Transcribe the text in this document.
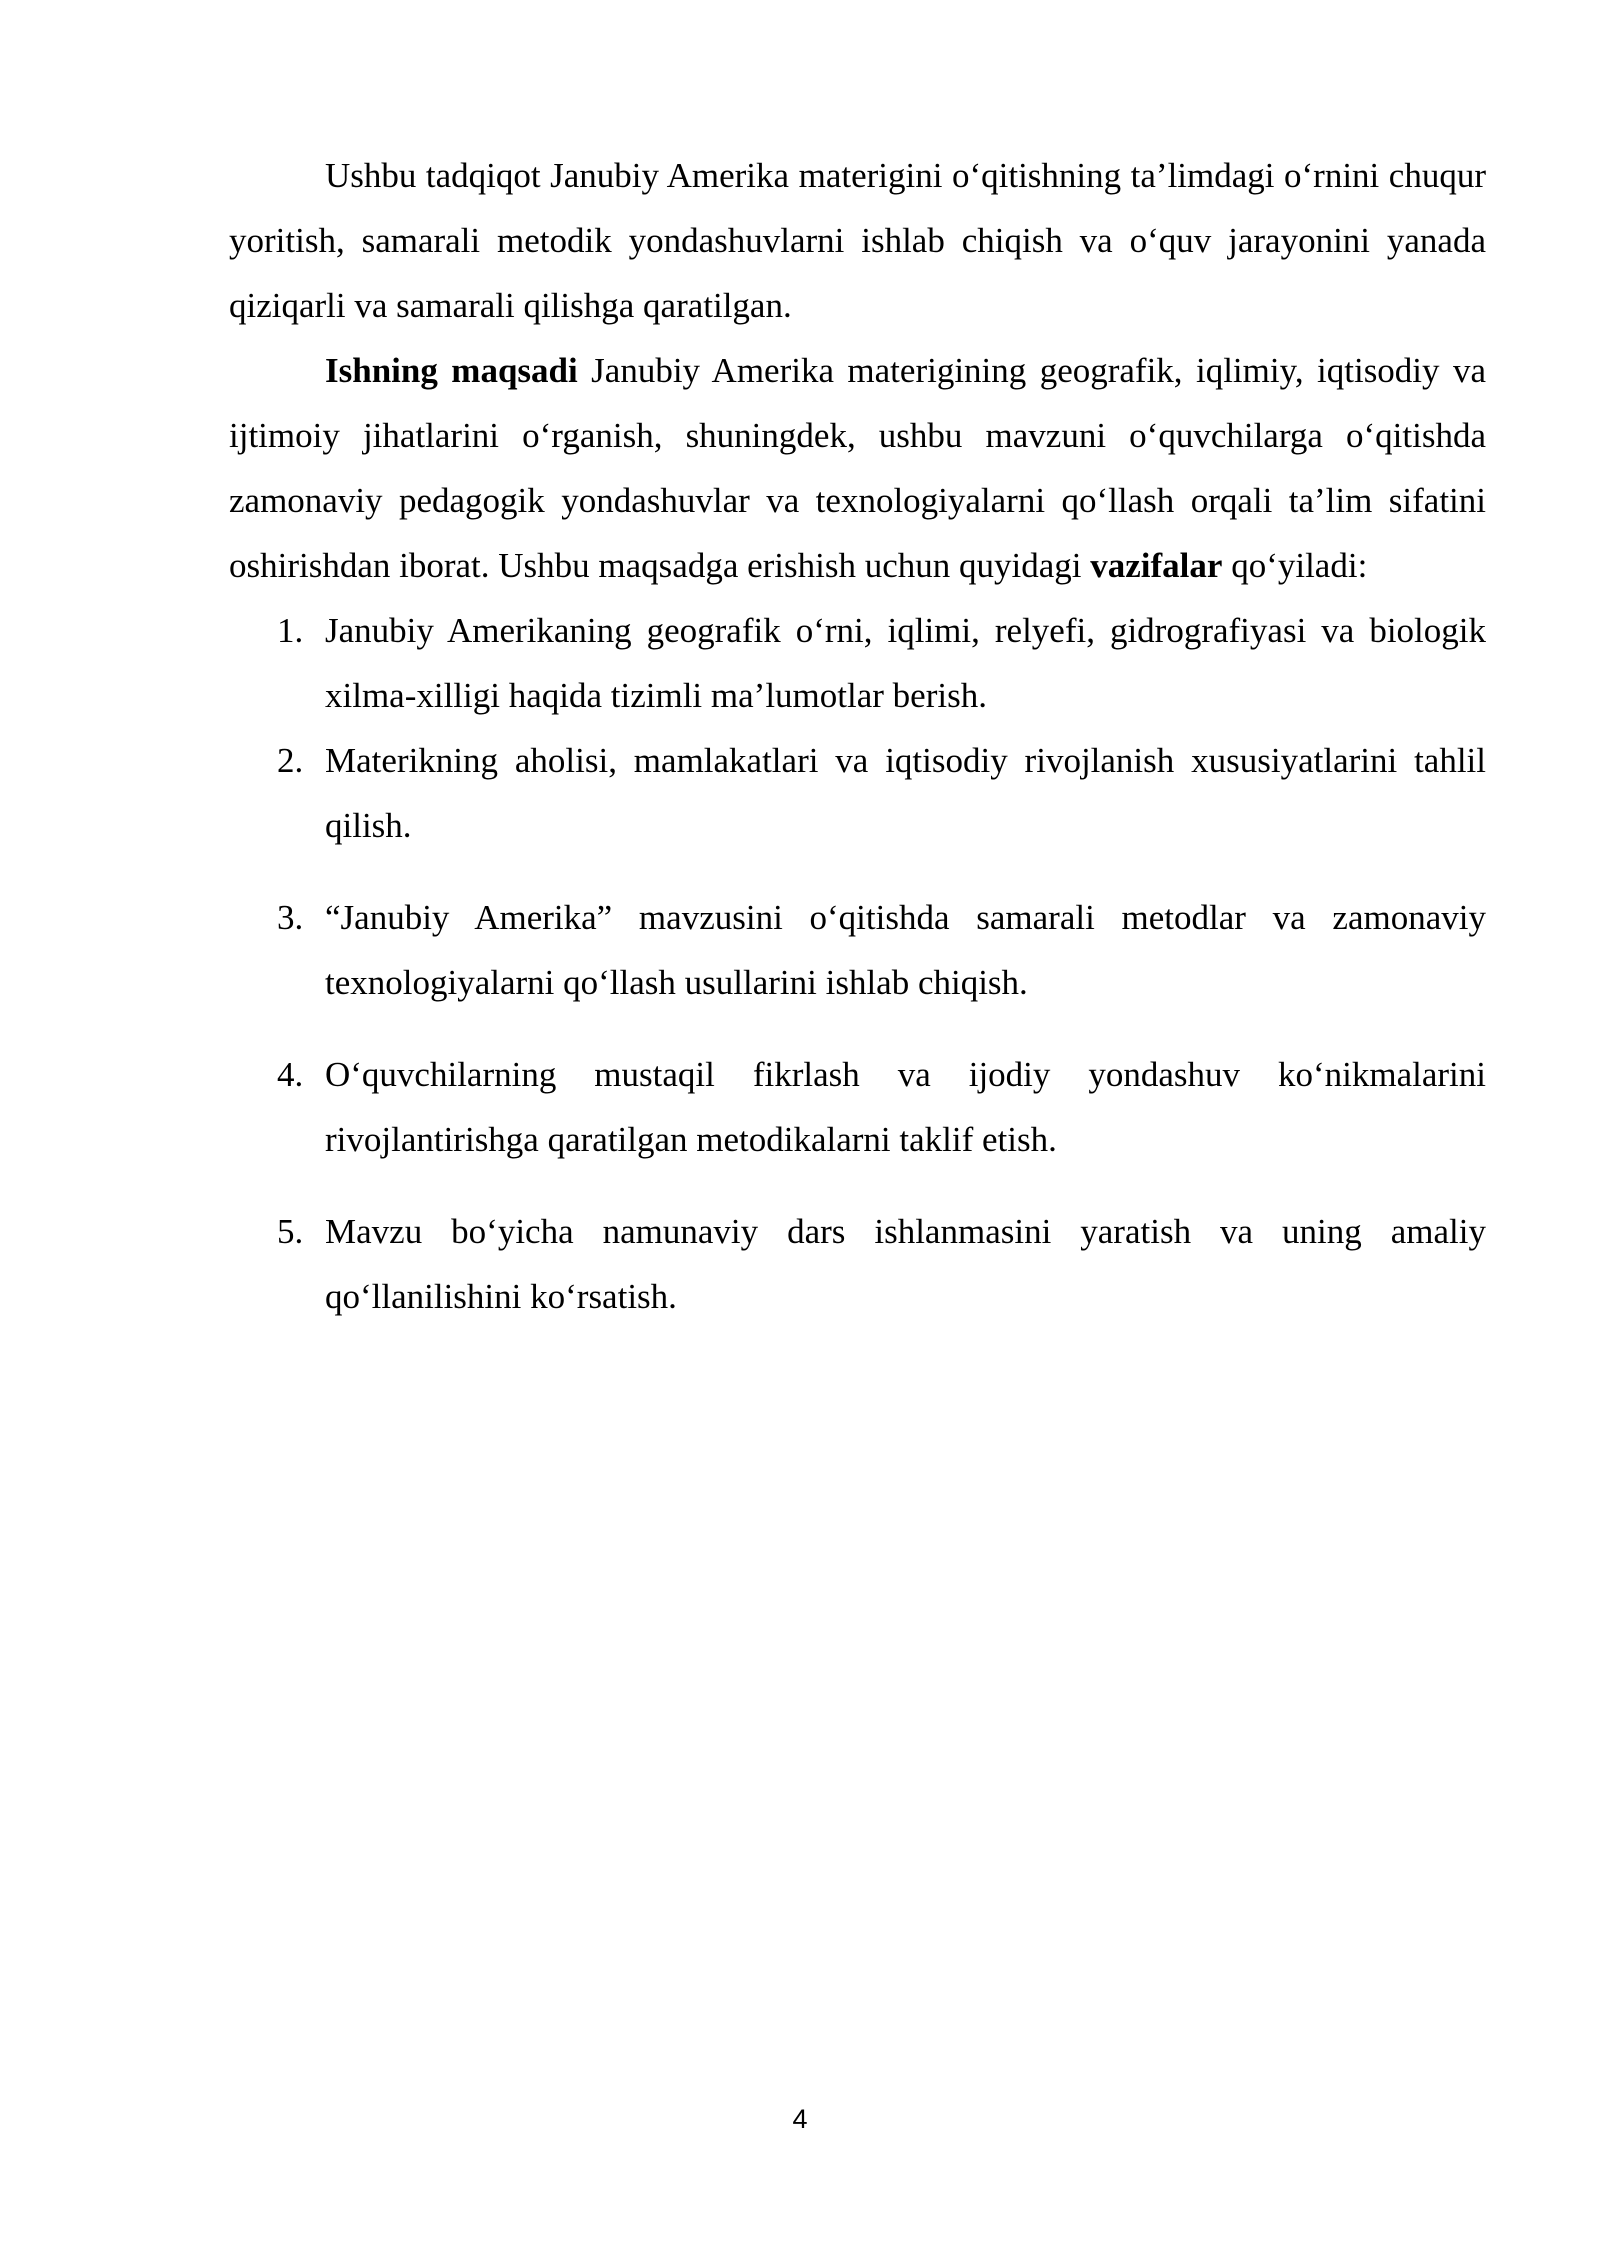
Ushbu tadqiqot Janubiy Amerika materigini o‘qitishning ta’limdagi o‘rnini chuqur yoritish, samarali metodik yondashuvlarni ishlab chiqish va o‘quv jarayonini yanada qiziqarli va samarali qilishga qaratilgan.

Ishning maqsadi Janubiy Amerika materigining geografik, iqlimiy, iqtisodiy va ijtimoiy jihatlarini o‘rganish, shuningdek, ushbu mavzuni o‘quvchilarga o‘qitishda zamonaviy pedagogik yondashuvlar va texnologiyalarni qo‘llash orqali ta’lim sifatini oshirishdan iborat. Ushbu maqsadga erishish uchun quyidagi vazifalar qo‘yiladi:

1. Janubiy Amerikaning geografik o‘rni, iqlimi, relyefi, gidrografiyasi va biologik xilma-xilligi haqida tizimli ma’lumotlar berish.
2. Materikning aholisi, mamlakatlari va iqtisodiy rivojlanish xususiyatlarini tahlil qilish.
3. “Janubiy Amerika” mavzusini o‘qitishda samarali metodlar va zamonaviy texnologiyalarni qo‘llash usullarini ishlab chiqish.
4. O‘quvchilarning mustaqil fikrlash va ijodiy yondashuv ko‘nikmalarini rivojlantirishga qaratilgan metodikalarni taklif etish.
5. Mavzu bo‘yicha namunaviy dars ishlanmasini yaratish va uning amaliy qo‘llanilishini ko‘rsatish.
4
